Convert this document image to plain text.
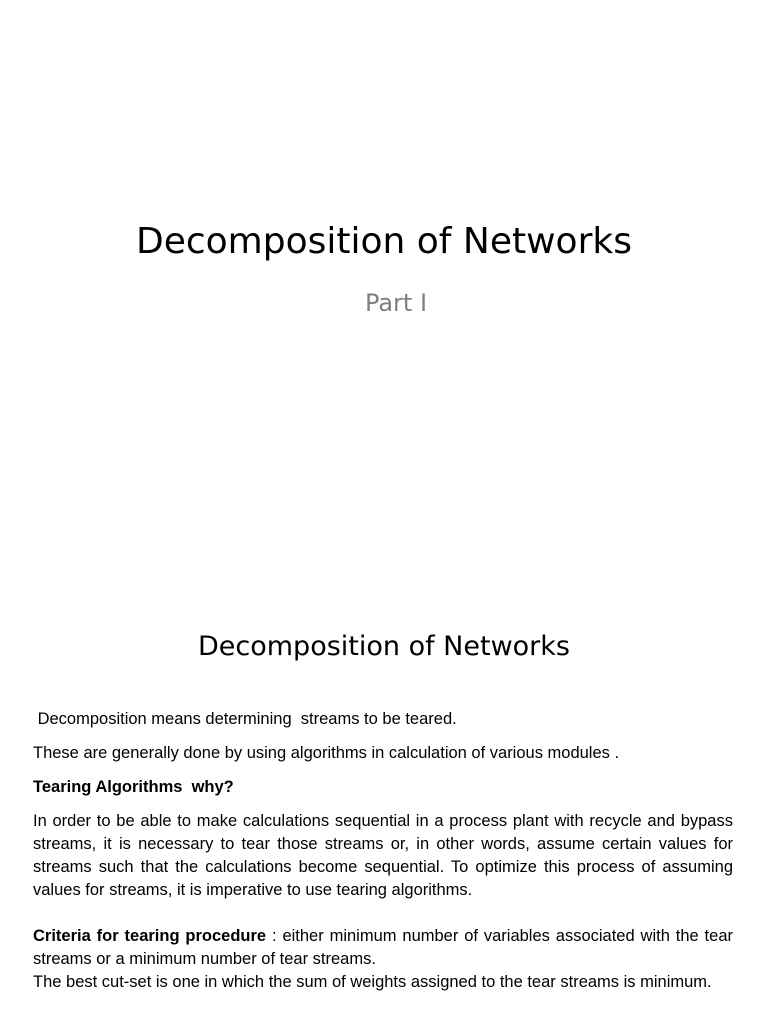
Decomposition of Networks
Part I
Decomposition of Networks

Decomposition means determining  streams to be teared.

These are generally done by using algorithms in calculation of various modules .

Tearing Algorithms  why?

In order to be able to make calculations sequential in a process plant with recycle and bypass streams, it is necessary to tear those streams or, in other words, assume certain values for streams such that the calculations become sequential. To optimize this process of assuming values for streams, it is imperative to use tearing algorithms.

Criteria for tearing procedure : either minimum number of variables associated with the tear streams or a minimum number of tear streams.

The best cut-set is one in which the sum of weights assigned to the tear streams is minimum.
